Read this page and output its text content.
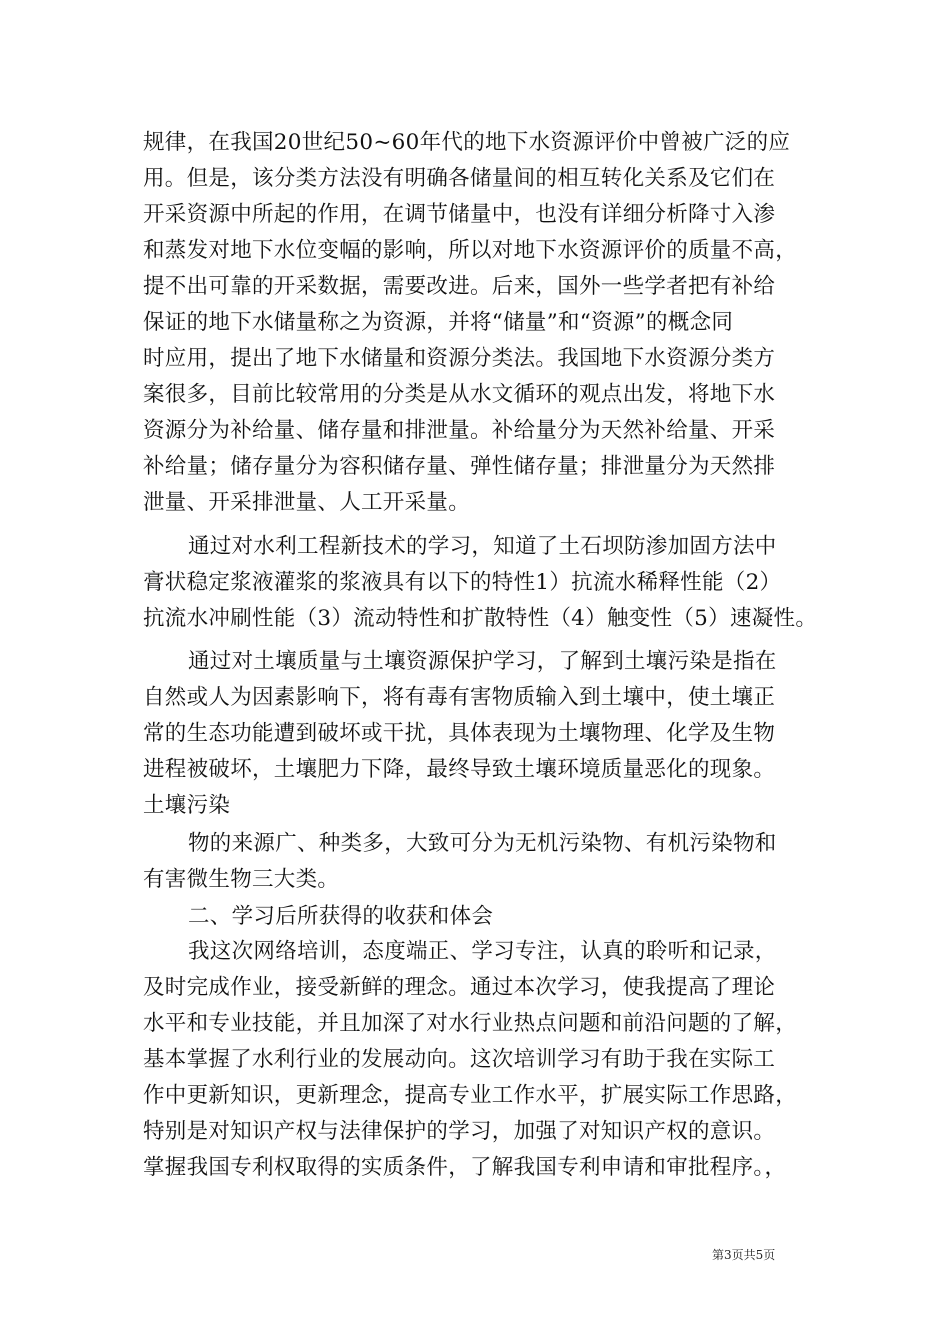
规律，在我国20世纪50~60年代的地下水资源评价中曾被广泛的应
用。但是，该分类方法没有明确各储量间的相互转化关系及它们在
开采资源中所起的作用，在调节储量中，也没有详细分析降寸入渗
和蒸发对地下水位变幅的影响，所以对地下水资源评价的质量不高，
提不出可靠的开采数据，需要改进。后来，国外一些学者把有补给
保证的地下水储量称之为资源，并将“储量”和“资源”的概念同
时应用，提出了地下水储量和资源分类法。我国地下水资源分类方
案很多，目前比较常用的分类是从水文循环的观点出发，将地下水
资源分为补给量、储存量和排泄量。补给量分为天然补给量、开采
补给量；储存量分为容积储存量、弹性储存量；排泄量分为天然排
泄量、开采排泄量、人工开采量。
通过对水利工程新技术的学习，知道了土石坝防渗加固方法中
膏状稳定浆液灌浆的浆液具有以下的特性1）抗流水稀释性能（2）
抗流水冲刷性能（3）流动特性和扩散特性（4）触变性（5）速凝性。
通过对土壤质量与土壤资源保护学习，了解到土壤污染是指在
自然或人为因素影响下，将有毒有害物质输入到土壤中，使土壤正
常的生态功能遭到破坏或干扰，具体表现为土壤物理、化学及生物
进程被破坏，土壤肥力下降，最终导致土壤环境质量恶化的现象。
土壤污染
物的来源广、种类多，大致可分为无机污染物、有机污染物和
有害微生物三大类。
二、学习后所获得的收获和体会
我这次网络培训，态度端正、学习专注，认真的聆听和记录，
及时完成作业，接受新鲜的理念。通过本次学习，使我提高了理论
水平和专业技能，并且加深了对水行业热点问题和前沿问题的了解，
基本掌握了水利行业的发展动向。这次培训学习有助于我在实际工
作中更新知识，更新理念，提高专业工作水平，扩展实际工作思路，
特别是对知识产权与法律保护的学习，加强了对知识产权的意识。
掌握我国专利权取得的实质条件，了解我国专利申请和审批程序。，
第3页共5页
